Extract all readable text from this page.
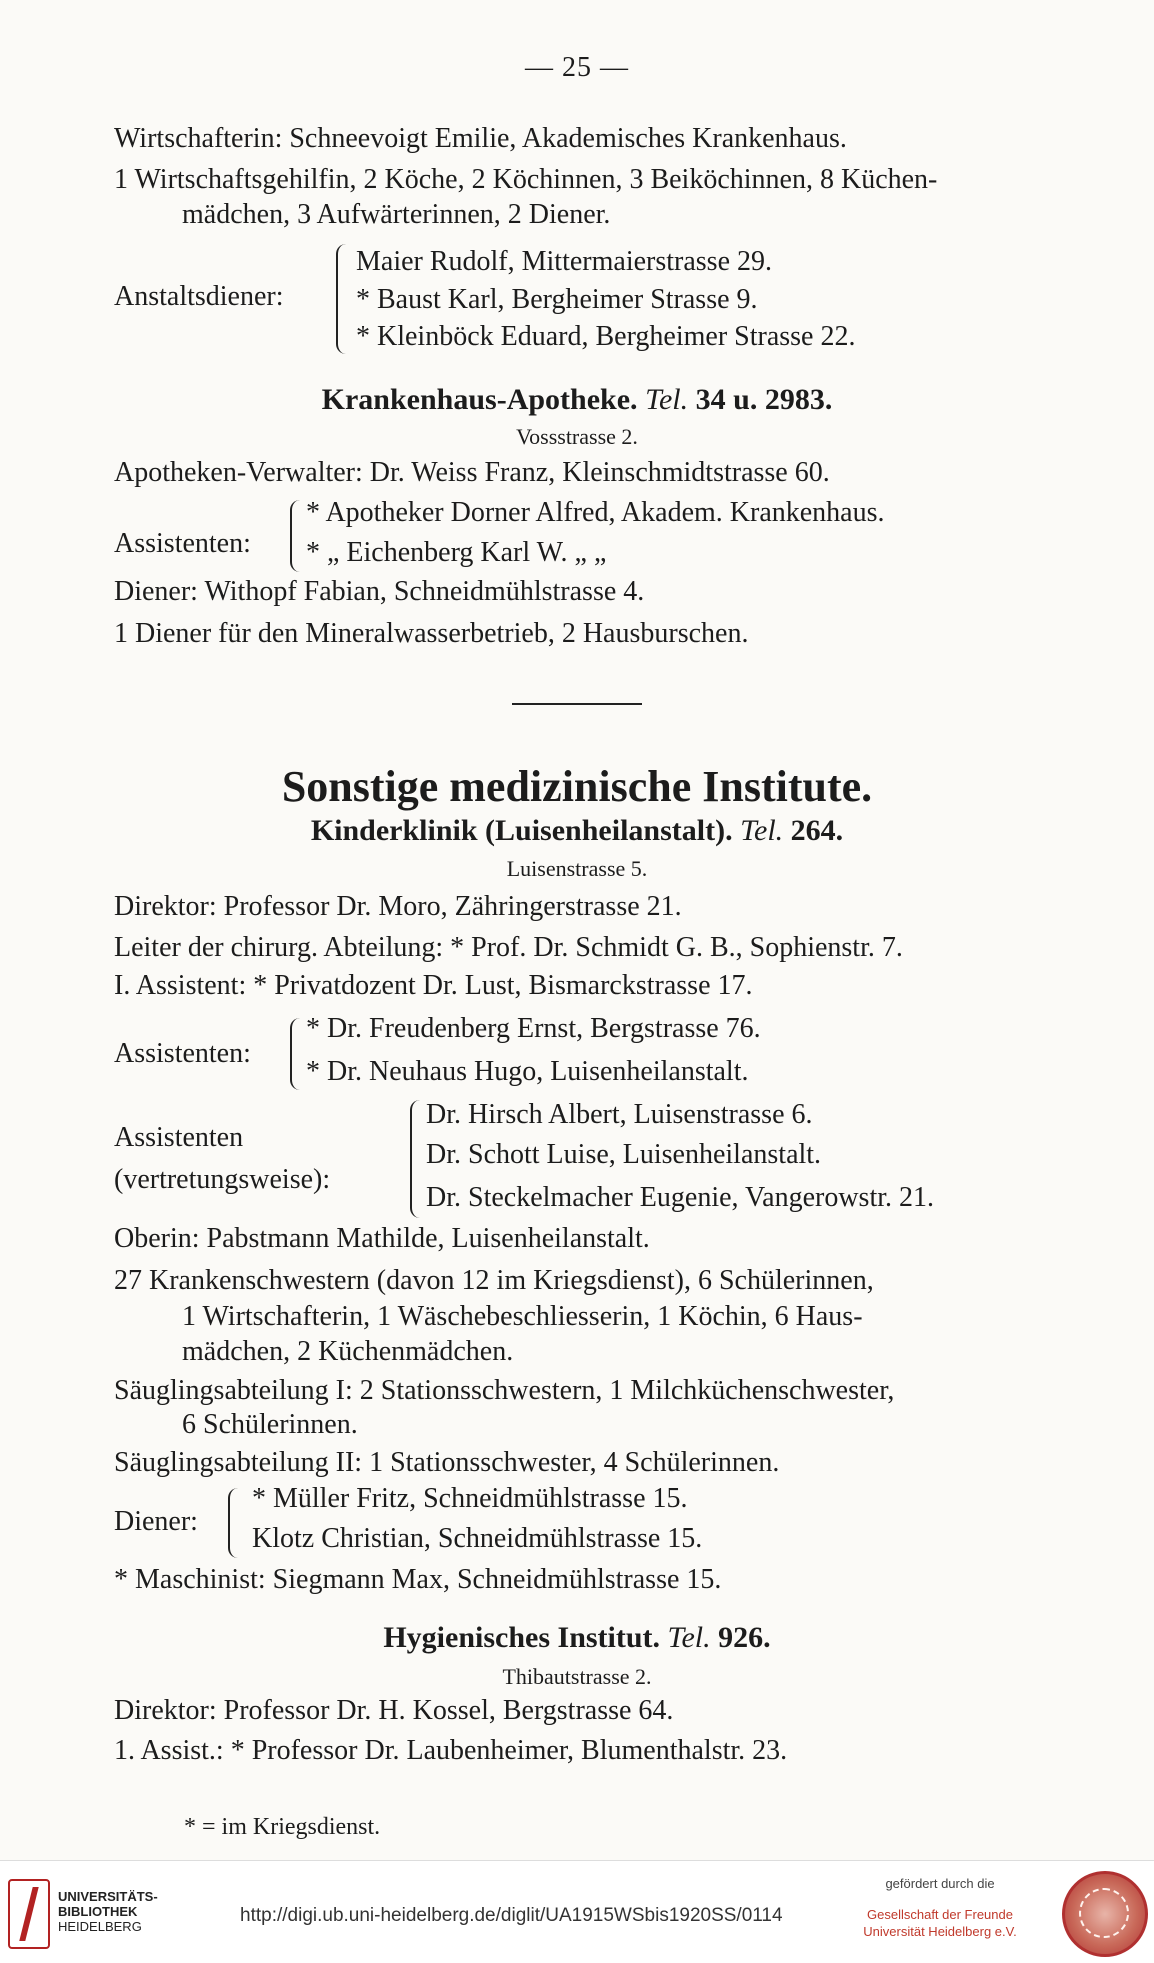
— 25 —
Wirtschafterin: Schneevoigt Emilie, Akademisches Krankenhaus.
1 Wirtschaftsgehilfin, 2 Köche, 2 Köchinnen, 3 Beiköchinnen, 8 Küchen-
mädchen, 3 Aufwärterinnen, 2 Diener.
Anstaltsdiener:
Maier Rudolf, Mittermaierstrasse 29.
* Baust Karl, Bergheimer Strasse 9.
* Kleinböck Eduard, Bergheimer Strasse 22.
Krankenhaus-Apotheke. Tel. 34 u. 2983.
Vossstrasse 2.
Apotheken-Verwalter: Dr. Weiss Franz, Kleinschmidtstrasse 60.
Assistenten:
* Apotheker Dorner Alfred, Akadem. Krankenhaus.
* „ Eichenberg Karl W. „ „
Diener: Withopf Fabian, Schneidmühlstrasse 4.
1 Diener für den Mineralwasserbetrieb, 2 Hausburschen.
Sonstige medizinische Institute.
Kinderklinik (Luisenheilanstalt). Tel. 264.
Luisenstrasse 5.
Direktor: Professor Dr. Moro, Zähringerstrasse 21.
Leiter der chirurg. Abteilung: * Prof. Dr. Schmidt G. B., Sophienstr. 7.
I. Assistent: * Privatdozent Dr. Lust, Bismarckstrasse 17.
Assistenten:
* Dr. Freudenberg Ernst, Bergstrasse 76.
* Dr. Neuhaus Hugo, Luisenheilanstalt.
Assistenten
(vertretungsweise):
Dr. Hirsch Albert, Luisenstrasse 6.
Dr. Schott Luise, Luisenheilanstalt.
Dr. Steckelmacher Eugenie, Vangerowstr. 21.
Oberin: Pabstmann Mathilde, Luisenheilanstalt.
27 Krankenschwestern (davon 12 im Kriegsdienst), 6 Schülerinnen,
1 Wirtschafterin, 1 Wäschebeschliesserin, 1 Köchin, 6 Haus-
mädchen, 2 Küchenmädchen.
Säuglingsabteilung I: 2 Stationsschwestern, 1 Milchküchenschwester,
6 Schülerinnen.
Säuglingsabteilung II: 1 Stationsschwester, 4 Schülerinnen.
Diener:
* Müller Fritz, Schneidmühlstrasse 15.
Klotz Christian, Schneidmühlstrasse 15.
* Maschinist: Siegmann Max, Schneidmühlstrasse 15.
Hygienisches Institut. Tel. 926.
Thibautstrasse 2.
Direktor: Professor Dr. H. Kossel, Bergstrasse 64.
1. Assist.: * Professor Dr. Laubenheimer, Blumenthalstr. 23.
* = im Kriegsdienst.
UNIVERSITÄTS-
BIBLIOTHEK
HEIDELBERG
http://digi.ub.uni-heidelberg.de/diglit/UA1915WSbis1920SS/0114
gefördert durch die
Gesellschaft der Freunde
Universität Heidelberg e.V.
